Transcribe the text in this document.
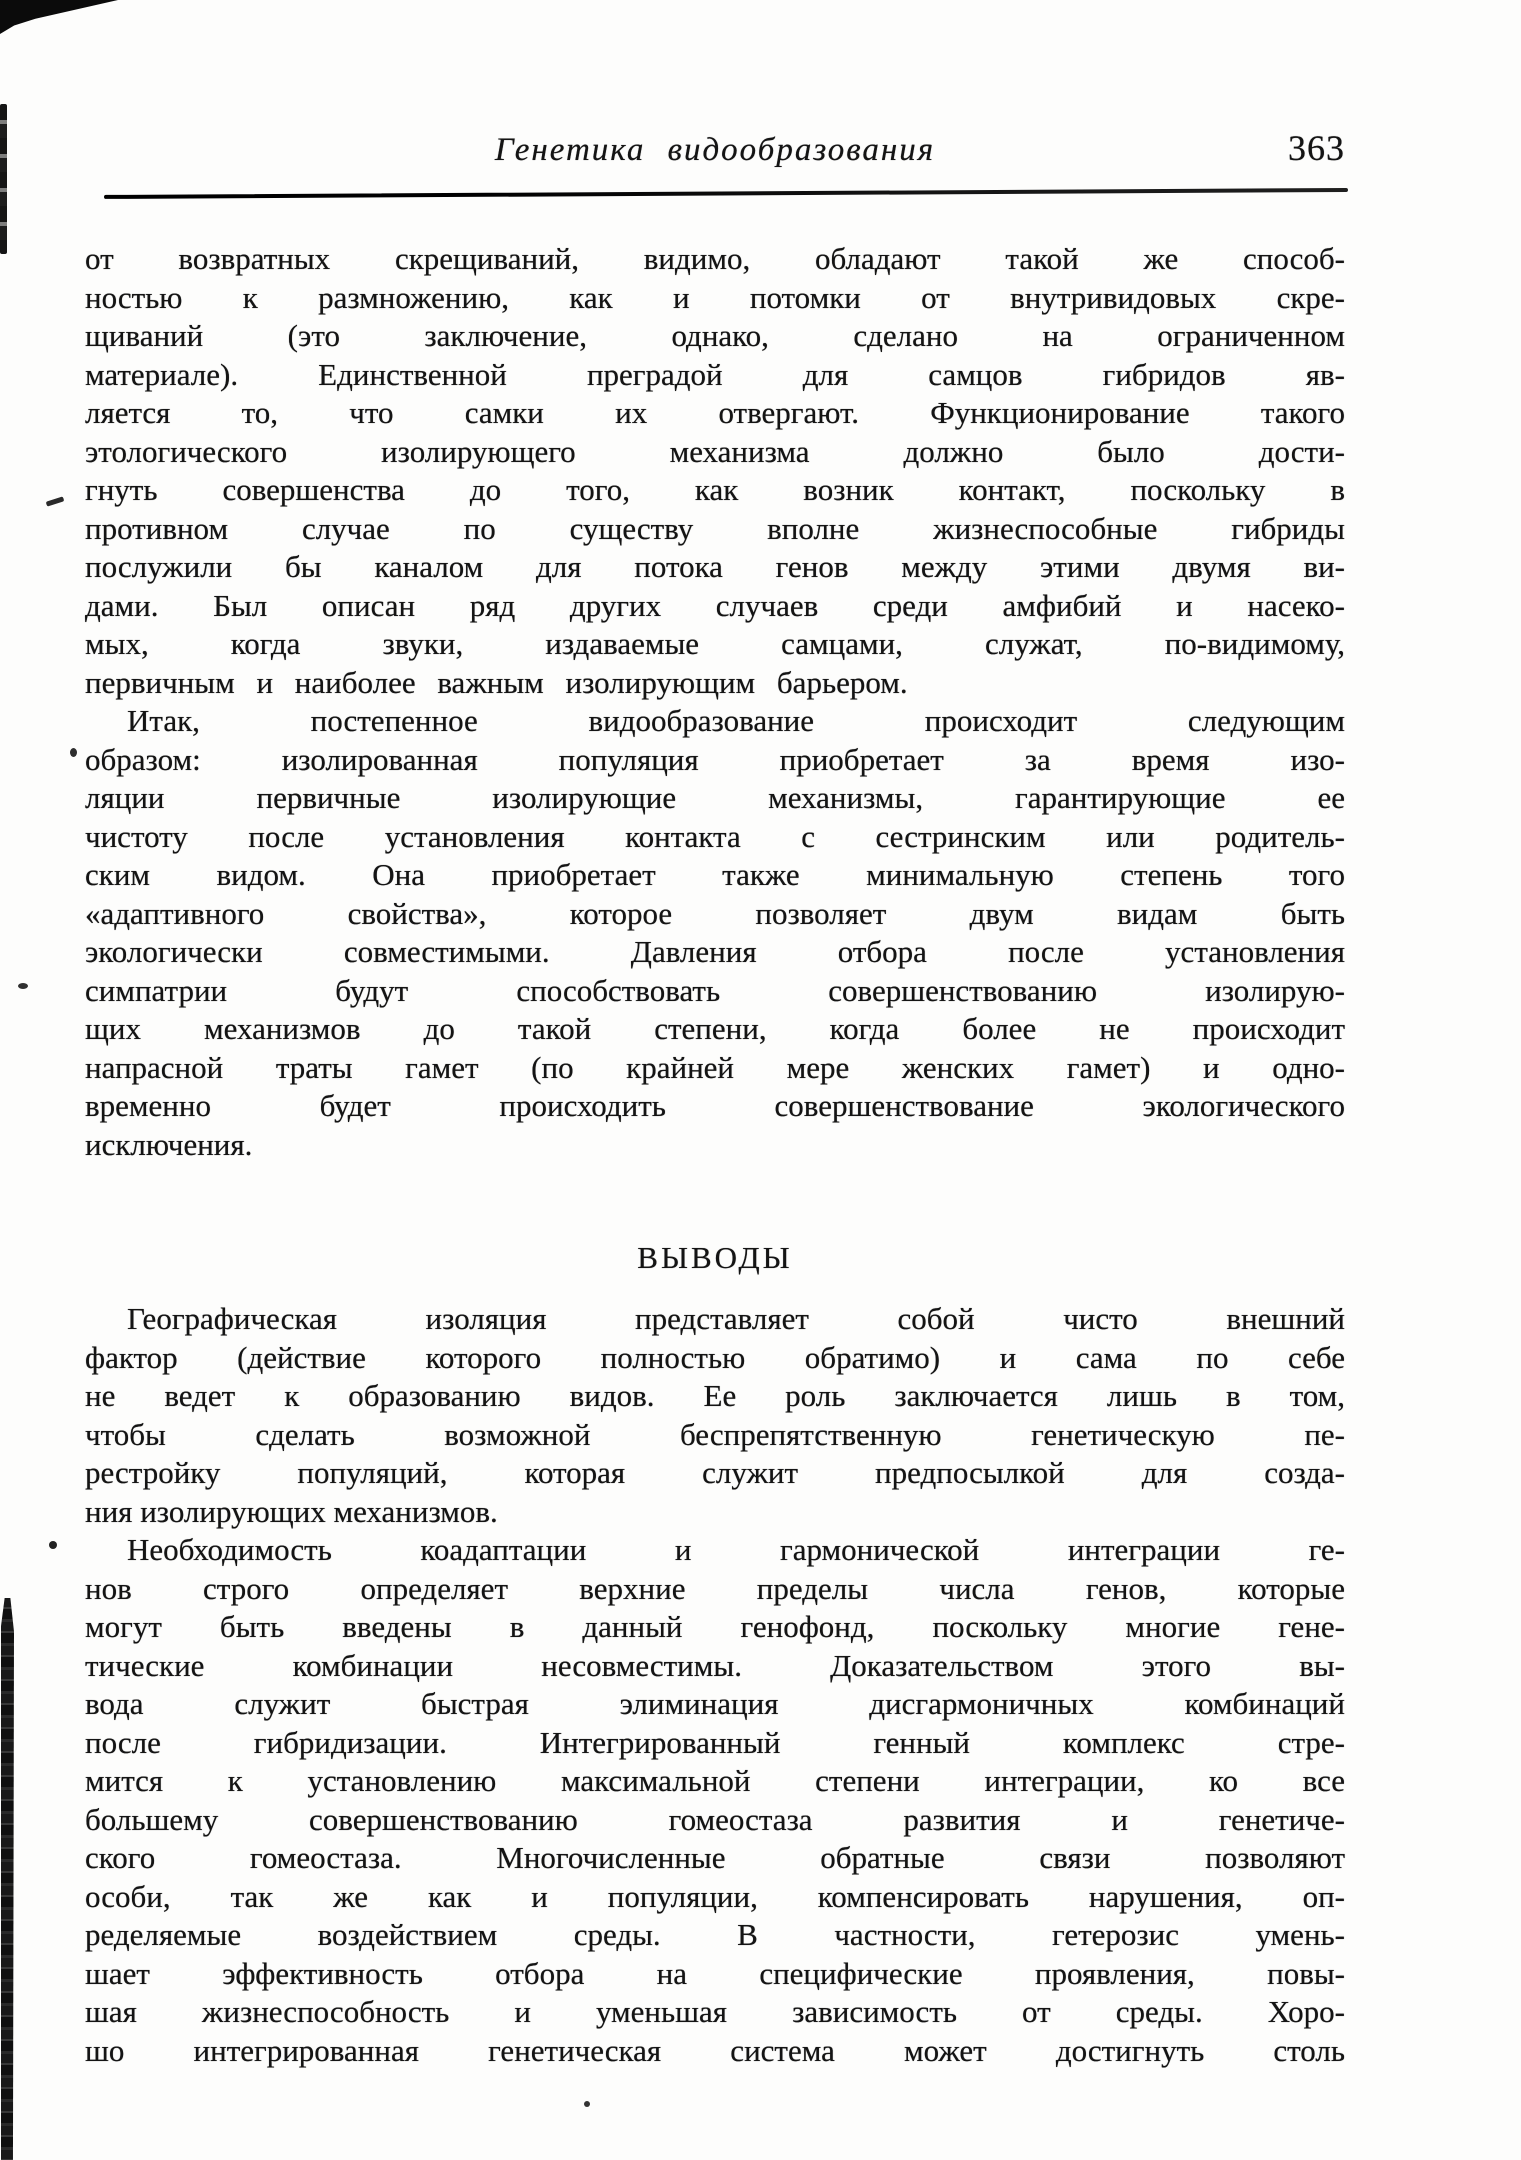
Генетика видообразования	363
от возвратных скрещиваний, видимо, обладают такой же способ-
ностью к размножению, как и потомки от внутривидовых скре-
щиваний (это заключение, однако, сделано на ограниченном
материале). Единственной преградой для самцов гибридов яв-
ляется то, что самки их отвергают. Функционирование такого
этологического изолирующего механизма должно было дости-
гнуть совершенства до того, как возник контакт, поскольку в
противном случае по существу вполне жизнеспособные гибриды
послужили бы каналом для потока генов между этими двумя ви-
дами. Был описан ряд других случаев среди амфибий и насеко-
мых, когда звуки, издаваемые самцами, служат, по-видимому,
первичным и наиболее важным изолирующим барьером.
Итак, постепенное видообразование происходит следующим
образом: изолированная популяция приобретает за время изо-
ляции первичные изолирующие механизмы, гарантирующие ее
чистоту после установления контакта с сестринским или родитель-
ским видом. Она приобретает также минимальную степень того
«адаптивного свойства», которое позволяет двум видам быть
экологически совместимыми. Давления отбора после установления
симпатрии будут способствовать совершенствованию изолирую-
щих механизмов до такой степени, когда более не происходит
напрасной траты гамет (по крайней мере женских гамет) и одно-
временно будет происходить совершенствование экологического
исключения.
ВЫВОДЫ
Географическая изоляция представляет собой чисто внешний
фактор (действие которого полностью обратимо) и сама по себе
не ведет к образованию видов. Ее роль заключается лишь в том,
чтобы сделать возможной беспрепятственную генетическую пе-
рестройку популяций, которая служит предпосылкой для созда-
ния изолирующих механизмов.
Необходимость коадаптации и гармонической интеграции ге-
нов строго определяет верхние пределы числа генов, которые
могут быть введены в данный генофонд, поскольку многие гене-
тические комбинации несовместимы. Доказательством этого вы-
вода служит быстрая элиминация дисгармоничных комбинаций
после гибридизации. Интегрированный генный комплекс стре-
мится к установлению максимальной степени интеграции, ко все
большему совершенствованию гомеостаза развития и генетиче-
ского гомеостаза. Многочисленные обратные связи позволяют
особи, так же как и популяции, компенсировать нарушения, оп-
ределяемые воздействием среды. В частности, гетерозис умень-
шает эффективность отбора на специфические проявления, повы-
шая жизнеспособность и уменьшая зависимость от среды. Хоро-
шо интегрированная генетическая система может достигнуть столь
